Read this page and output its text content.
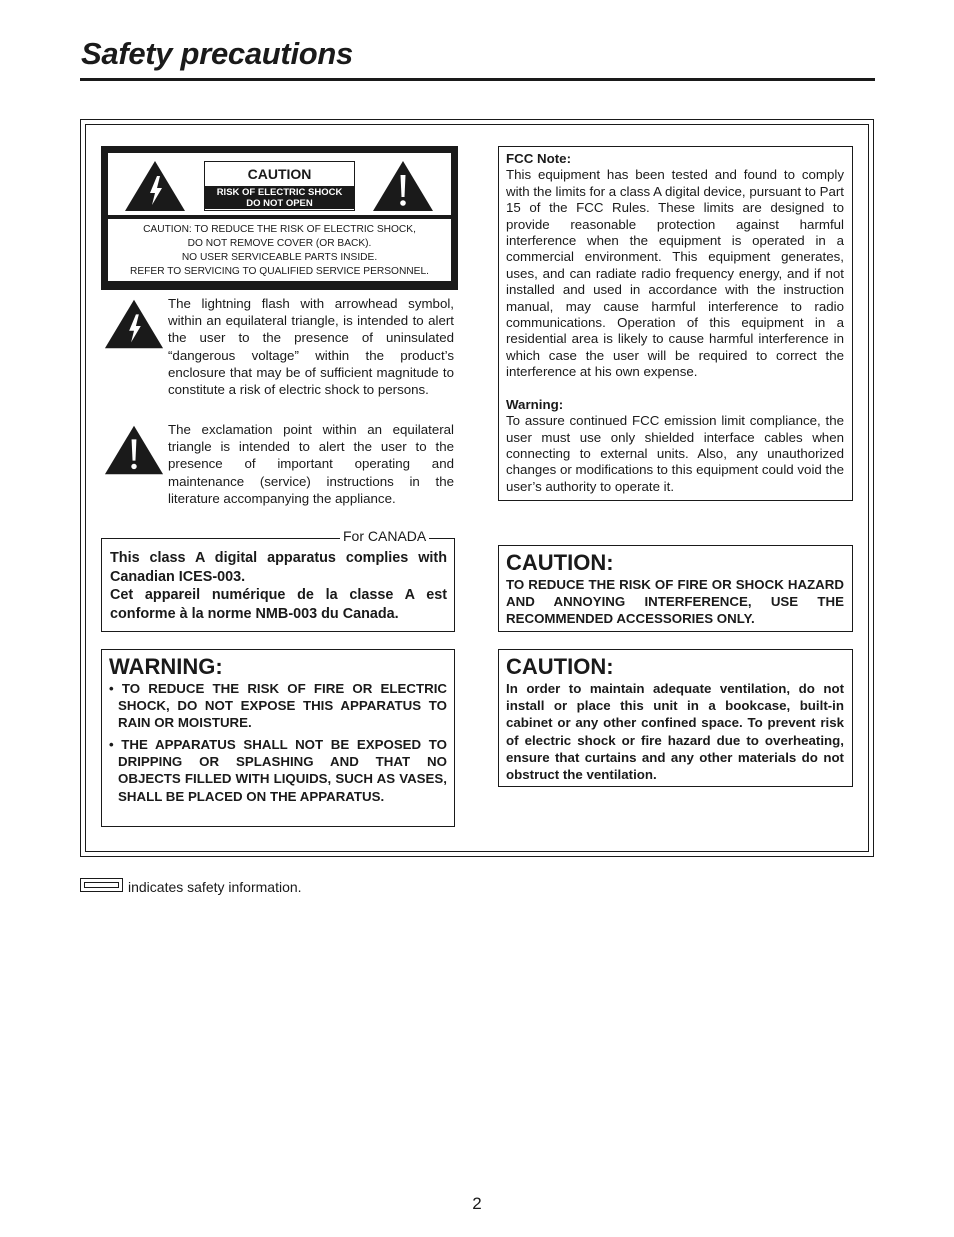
Safety precautions
CAUTION
RISK OF ELECTRIC SHOCK
DO NOT OPEN
CAUTION: TO REDUCE THE RISK OF ELECTRIC SHOCK,
DO NOT REMOVE COVER (OR BACK).
NO USER SERVICEABLE PARTS INSIDE.
REFER TO SERVICING TO QUALIFIED SERVICE PERSONNEL.
The lightning flash with arrowhead symbol, within an equilateral triangle, is intended to alert the user to the presence of uninsulated “dangerous voltage” within the product’s enclosure that may be of sufficient magnitude to constitute a risk of electric shock to persons.
The exclamation point within an equilateral triangle is intended to alert the user to the presence of important operating and maintenance (service) instructions in the literature accompanying the appliance.
FCC Note:
This equipment has been tested and found to comply with the limits for a class A digital device, pursuant to Part 15 of the FCC Rules. These limits are designed to provide reasonable protection against harmful interference when the equipment is operated in a commercial environment. This equipment generates, uses, and can radiate radio frequency energy, and if not installed and used in accordance with the instruction manual, may cause harmful interference to radio communications. Operation of this equipment in a residential area is likely to cause harmful interference in which case the user will be required to correct the interference at his own expense.
Warning:
To assure continued FCC emission limit compliance, the user must use only shielded interface cables when connecting to external units. Also, any unauthorized changes or modifications to this equipment could void the user’s authority to operate it.
For CANADA
This class A digital apparatus complies with Canadian ICES-003.
Cet appareil numérique de la classe A est conforme à la norme NMB-003 du Canada.
WARNING:
• TO REDUCE THE RISK OF FIRE OR ELECTRIC SHOCK, DO NOT EXPOSE THIS APPARATUS TO RAIN OR MOISTURE.
• THE APPARATUS SHALL NOT BE EXPOSED TO DRIPPING OR SPLASHING AND THAT NO OBJECTS FILLED WITH LIQUIDS, SUCH AS VASES, SHALL BE PLACED ON THE APPARATUS.
CAUTION:
TO REDUCE THE RISK OF FIRE OR SHOCK HAZARD AND ANNOYING INTERFERENCE, USE THE RECOMMENDED ACCESSORIES ONLY.
CAUTION:
In order to maintain adequate ventilation, do not install or place this unit in a bookcase, built-in cabinet or any other confined space. To prevent risk of electric shock or fire hazard due to overheating, ensure that curtains and any other materials do not obstruct the ventilation.
indicates safety information.
2
